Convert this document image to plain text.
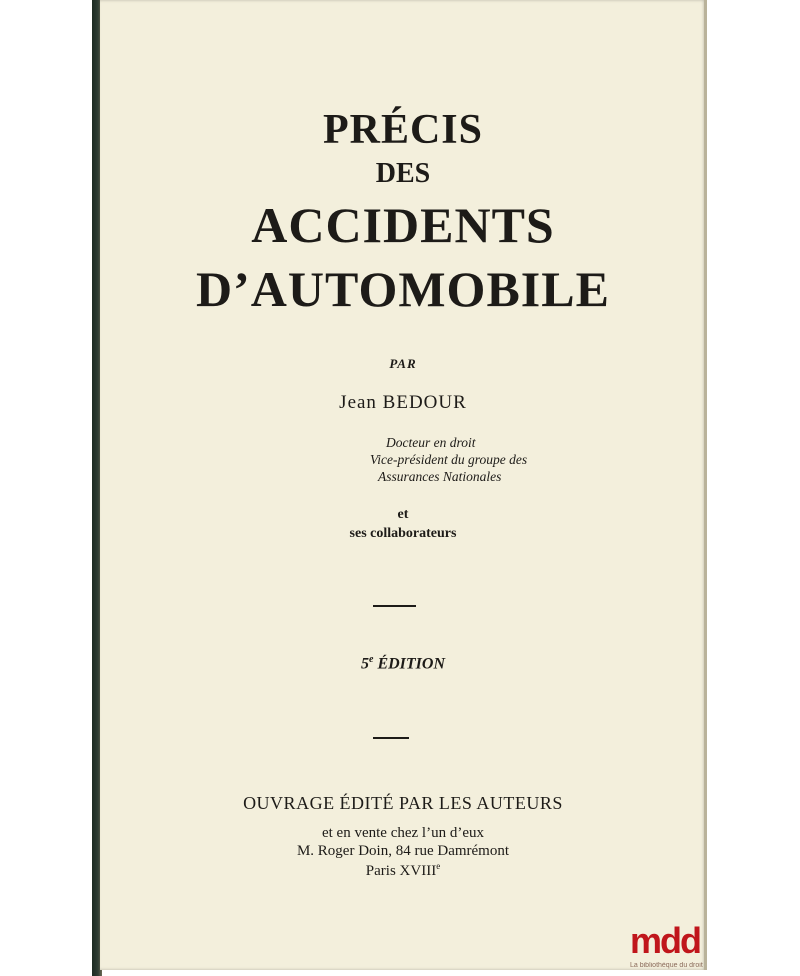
PRÉCIS
DES
ACCIDENTS
D’AUTOMOBILE
PAR
Jean BEDOUR
Docteur en droit
Vice-président du groupe des
Assurances Nationales
et
ses collaborateurs
5e ÉDITION
OUVRAGE ÉDITÉ PAR LES AUTEURS
et en vente chez l’un d’eux
M. Roger Doin, 84 rue Damrémont
Paris XVIIIe
mdd
La bibliothèque du droit
